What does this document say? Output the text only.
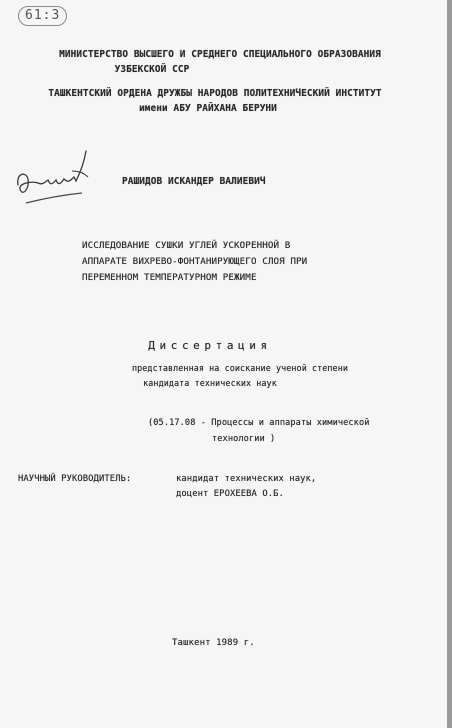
61:3
МИНИСТЕРСТВО ВЫСШЕГО И СРЕДНЕГО СПЕЦИАЛЬНОГО ОБРАЗОВАНИЯ
УЗБЕКСКОЙ ССР
ТАШКЕНТСКИЙ ОРДЕНА ДРУЖБЫ НАРОДОВ ПОЛИТЕХНИЧЕСКИЙ ИНСТИТУТ
имени АБУ РАЙХАНА БЕРУНИ
РАШИДОВ ИСКАНДЕР ВАЛИЕВИЧ
ИССЛЕДОВАНИЕ СУШКИ УГЛЕЙ УСКОРЕННОЙ В
АППАРАТЕ ВИХРЕВО-ФОНТАНИРУЮЩЕГО СЛОЯ ПРИ
ПЕРЕМЕННОМ ТЕМПЕРАТУРНОМ РЕЖИМЕ
Диссертация
представленная на соискание ученой степени
кандидата технических наук
(05.17.08 - Процессы и аппараты химической
технологии )
НАУЧНЫЙ РУКОВОДИТЕЛЬ:	кандидат технических наук,
доцент ЕРОХЕЕВА О.Б.
Ташкент 1989 г.
